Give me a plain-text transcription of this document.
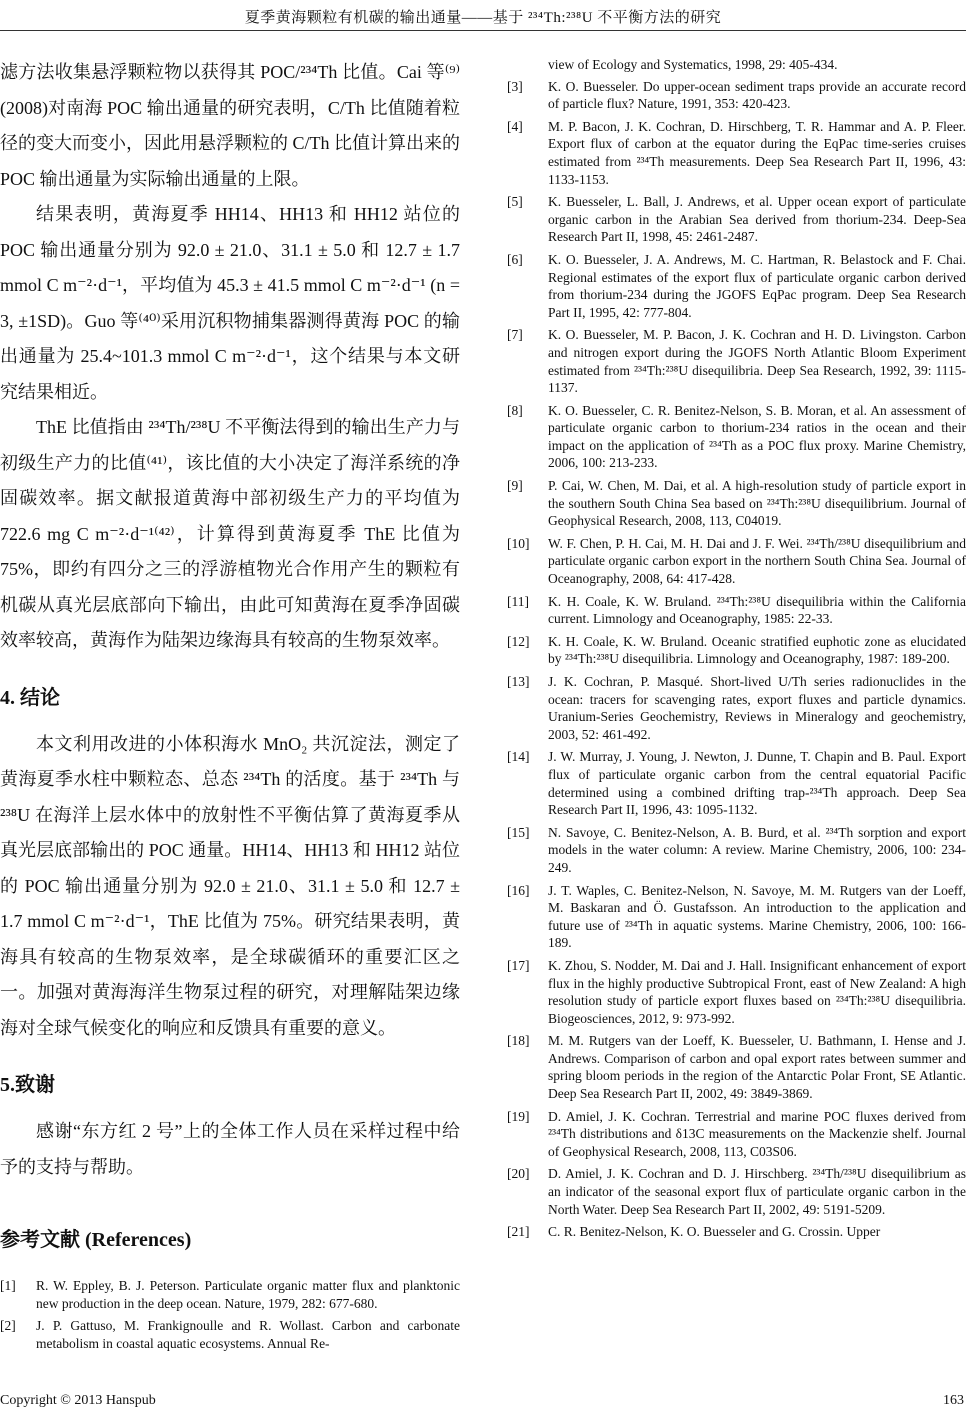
夏季黄海颗粒有机碳的输出通量——基于 ²³⁴Th:²³⁸U 不平衡方法的研究

滤方法收集悬浮颗粒物以获得其 POC/²³⁴Th 比值。Cai 等⁽⁹⁾(2008)对南海 POC 输出通量的研究表明，C/Th 比值随着粒径的变大而变小，因此用悬浮颗粒的 C/Th 比值计算出来的 POC 输出通量为实际输出通量的上限。

结果表明，黄海夏季 HH14、HH13 和 HH12 站位的 POC 输出通量分别为 92.0 ± 21.0、31.1 ± 5.0 和 12.7 ± 1.7 mmol C m⁻²·d⁻¹，平均值为 45.3 ± 41.5 mmol C m⁻²·d⁻¹ (n = 3, ±1SD)。Guo 等⁽⁴⁰⁾采用沉积物捕集器测得黄海 POC 的输出通量为 25.4~101.3 mmol C m⁻²·d⁻¹，这个结果与本文研究结果相近。

ThE 比值指由 ²³⁴Th/²³⁸U 不平衡法得到的输出生产力与初级生产力的比值⁽⁴¹⁾，该比值的大小决定了海洋系统的净固碳效率。据文献报道黄海中部初级生产力的平均值为 722.6 mg C m⁻²·d⁻¹⁽⁴²⁾，计算得到黄海夏季 ThE 比值为 75%，即约有四分之三的浮游植物光合作用产生的颗粒有机碳从真光层底部向下输出，由此可知黄海在夏季净固碳效率较高，黄海作为陆架边缘海具有较高的生物泵效率。

4. 结论

本文利用改进的小体积海水 MnO₂ 共沉淀法，测定了黄海夏季水柱中颗粒态、总态 ²³⁴Th 的活度。基于 ²³⁴Th 与 ²³⁸U 在海洋上层水体中的放射性不平衡估算了黄海夏季从真光层底部输出的 POC 通量。HH14、HH13 和 HH12 站位的 POC 输出通量分别为 92.0 ± 21.0、31.1 ± 5.0 和 12.7 ± 1.7 mmol C m⁻²·d⁻¹，ThE 比值为 75%。研究结果表明，黄海具有较高的生物泵效率，是全球碳循环的重要汇区之一。加强对黄海海洋生物泵过程的研究，对理解陆架边缘海对全球气候变化的响应和反馈具有重要的意义。

5.致谢

感谢“东方红 2 号”上的全体工作人员在采样过程中给予的支持与帮助。

参考文献 (References)
[1]	R. W. Eppley, B. J. Peterson. Particulate organic matter flux and planktonic new production in the deep ocean. Nature, 1979, 282: 677-680.
[2]	J. P. Gattuso, M. Frankignoulle and R. Wollast. Carbon and carbonate metabolism in coastal aquatic ecosystems. Annual Re-
view of Ecology and Systematics, 1998, 29: 405-434.
[3]	K. O. Buesseler. Do upper-ocean sediment traps provide an accurate record of particle flux? Nature, 1991, 353: 420-423.
[4]	M. P. Bacon, J. K. Cochran, D. Hirschberg, T. R. Hammar and A. P. Fleer. Export flux of carbon at the equator during the EqPac time-series cruises estimated from ²³⁴Th measurements. Deep Sea Research Part II, 1996, 43: 1133-1153.
[5]	K. Buesseler, L. Ball, J. Andrews, et al. Upper ocean export of particulate organic carbon in the Arabian Sea derived from thorium-234. Deep-Sea Research Part II, 1998, 45: 2461-2487.
[6]	K. O. Buesseler, J. A. Andrews, M. C. Hartman, R. Belastock and F. Chai. Regional estimates of the export flux of particulate organic carbon derived from thorium-234 during the JGOFS EqPac program. Deep Sea Research Part II, 1995, 42: 777-804.
[7]	K. O. Buesseler, M. P. Bacon, J. K. Cochran and H. D. Livingston. Carbon and nitrogen export during the JGOFS North Atlantic Bloom Experiment estimated from ²³⁴Th:²³⁸U disequilibria. Deep Sea Research, 1992, 39: 1115-1137.
[8]	K. O. Buesseler, C. R. Benitez-Nelson, S. B. Moran, et al. An assessment of particulate organic carbon to thorium-234 ratios in the ocean and their impact on the application of ²³⁴Th as a POC flux proxy. Marine Chemistry, 2006, 100: 213-233.
[9]	P. Cai, W. Chen, M. Dai, et al. A high-resolution study of particle export in the southern South China Sea based on ²³⁴Th:²³⁸U disequilibrium. Journal of Geophysical Research, 2008, 113, C04019.
[10]	W. F. Chen, P. H. Cai, M. H. Dai and J. F. Wei. ²³⁴Th/²³⁸U disequilibrium and particulate organic carbon export in the northern South China Sea. Journal of Oceanography, 2008, 64: 417-428.
[11]	K. H. Coale, K. W. Bruland. ²³⁴Th:²³⁸U disequilibria within the California current. Limnology and Oceanography, 1985: 22-33.
[12]	K. H. Coale, K. W. Bruland. Oceanic stratified euphotic zone as elucidated by ²³⁴Th:²³⁸U disequilibria. Limnology and Oceanography, 1987: 189-200.
[13]	J. K. Cochran, P. Masqué. Short-lived U/Th series radionuclides in the ocean: tracers for scavenging rates, export fluxes and particle dynamics. Uranium-Series Geochemistry, Reviews in Mineralogy and geochemistry, 2003, 52: 461-492.
[14]	J. W. Murray, J. Young, J. Newton, J. Dunne, T. Chapin and B. Paul. Export flux of particulate organic carbon from the central equatorial Pacific determined using a combined drifting trap-²³⁴Th approach. Deep Sea Research Part II, 1996, 43: 1095-1132.
[15]	N. Savoye, C. Benitez-Nelson, A. B. Burd, et al. ²³⁴Th sorption and export models in the water column: A review. Marine Chemistry, 2006, 100: 234-249.
[16]	J. T. Waples, C. Benitez-Nelson, N. Savoye, M. M. Rutgers van der Loeff, M. Baskaran and Ö. Gustafsson. An introduction to the application and future use of ²³⁴Th in aquatic systems. Marine Chemistry, 2006, 100: 166-189.
[17]	K. Zhou, S. Nodder, M. Dai and J. Hall. Insignificant enhancement of export flux in the highly productive Subtropical Front, east of New Zealand: A high resolution study of particle export fluxes based on ²³⁴Th:²³⁸U disequilibria. Biogeosciences, 2012, 9: 973-992.
[18]	M. M. Rutgers van der Loeff, K. Buesseler, U. Bathmann, I. Hense and J. Andrews. Comparison of carbon and opal export rates between summer and spring bloom periods in the region of the Antarctic Polar Front, SE Atlantic. Deep Sea Research Part II, 2002, 49: 3849-3869.
[19]	D. Amiel, J. K. Cochran. Terrestrial and marine POC fluxes derived from ²³⁴Th distributions and δ13C measurements on the Mackenzie shelf. Journal of Geophysical Research, 2008, 113, C03S06.
[20]	D. Amiel, J. K. Cochran and D. J. Hirschberg. ²³⁴Th/²³⁸U disequilibrium as an indicator of the seasonal export flux of particulate organic carbon in the North Water. Deep Sea Research Part II, 2002, 49: 5191-5209.
[21]	C. R. Benitez-Nelson, K. O. Buesseler and G. Crossin. Upper
Copyright © 2013 Hanspub	163
